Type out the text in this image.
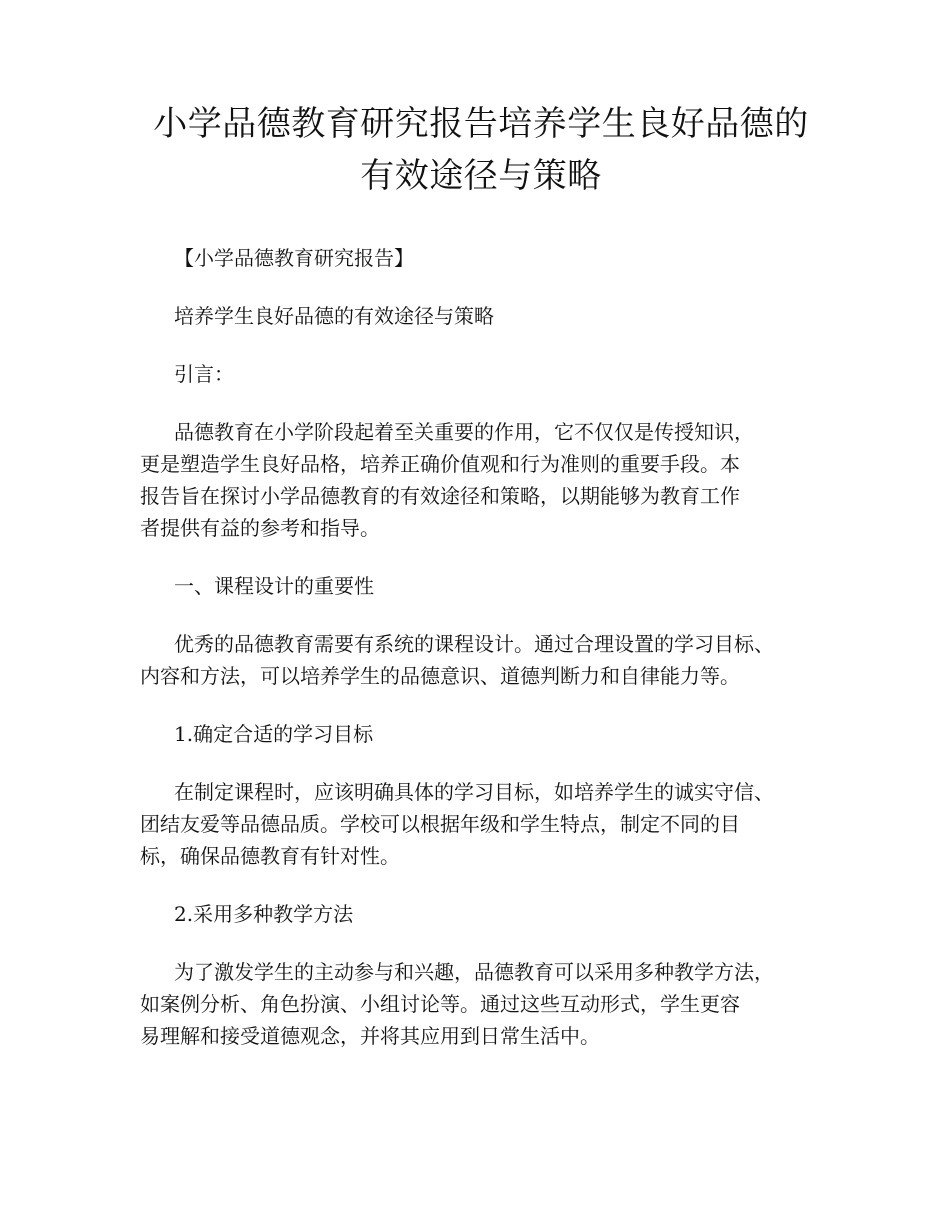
小学品德教育研究报告培养学生良好品德的
有效途径与策略

【小学品德教育研究报告】

培养学生良好品德的有效途径与策略

引言：

品德教育在小学阶段起着至关重要的作用，它不仅仅是传授知识，
更是塑造学生良好品格，培养正确价值观和行为准则的重要手段。本
报告旨在探讨小学品德教育的有效途径和策略，以期能够为教育工作
者提供有益的参考和指导。

一、课程设计的重要性

优秀的品德教育需要有系统的课程设计。通过合理设置的学习目标、
内容和方法，可以培养学生的品德意识、道德判断力和自律能力等。

1.确定合适的学习目标

在制定课程时，应该明确具体的学习目标，如培养学生的诚实守信、
团结友爱等品德品质。学校可以根据年级和学生特点，制定不同的目
标，确保品德教育有针对性。

2.采用多种教学方法

为了激发学生的主动参与和兴趣，品德教育可以采用多种教学方法，
如案例分析、角色扮演、小组讨论等。通过这些互动形式，学生更容
易理解和接受道德观念，并将其应用到日常生活中。
